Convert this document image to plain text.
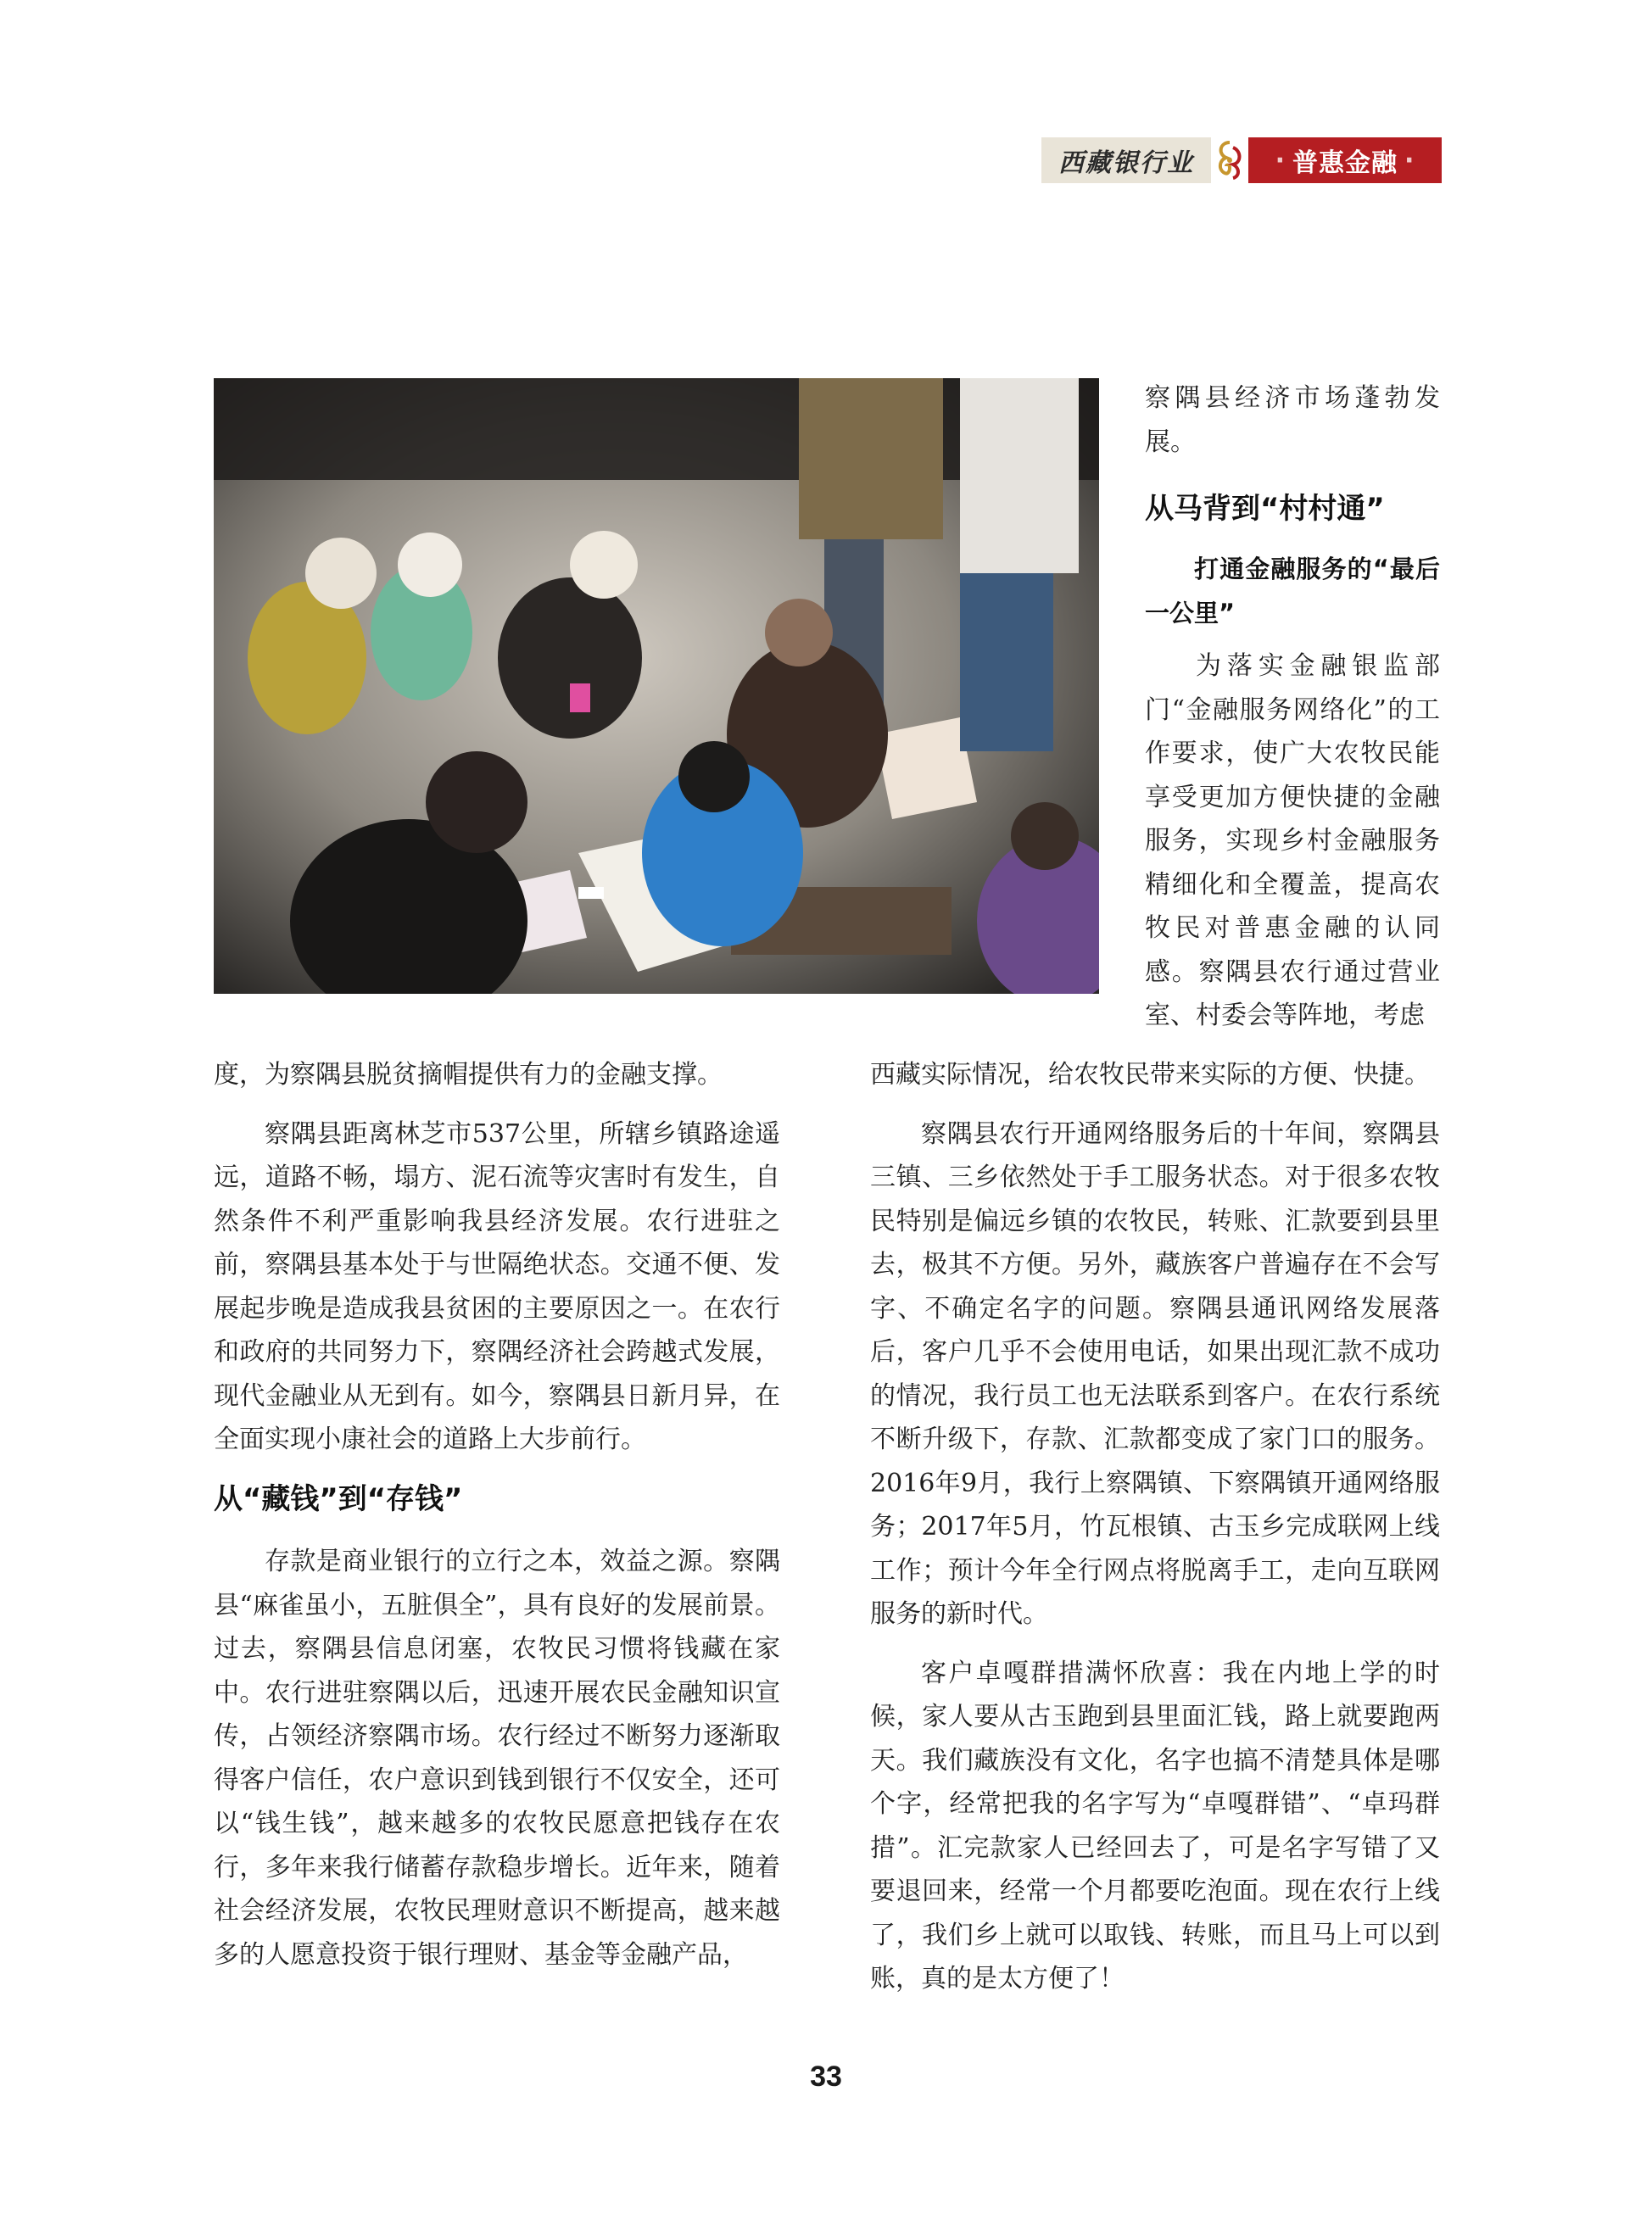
西藏银行业	· 普惠金融 ·

察隅县经济市场蓬勃发展。

从马背到“村村通”
打通金融服务的“最后一公里”

为落实金融银监部门“金融服务网络化”的工作要求，使广大农牧民能享受更加方便快捷的金融服务，实现乡村金融服务精细化和全覆盖，提高农牧民对普惠金融的认同感。察隅县农行通过营业室、村委会等阵地，考虑

度，为察隅县脱贫摘帽提供有力的金融支撑。

察隅县距离林芝市537公里，所辖乡镇路途遥远，道路不畅，塌方、泥石流等灾害时有发生，自然条件不利严重影响我县经济发展。农行进驻之前，察隅县基本处于与世隔绝状态。交通不便、发展起步晚是造成我县贫困的主要原因之一。在农行和政府的共同努力下，察隅经济社会跨越式发展，现代金融业从无到有。如今，察隅县日新月异，在全面实现小康社会的道路上大步前行。

从“藏钱”到“存钱”

存款是商业银行的立行之本，效益之源。察隅县“麻雀虽小，五脏俱全”，具有良好的发展前景。过去，察隅县信息闭塞，农牧民习惯将钱藏在家中。农行进驻察隅以后，迅速开展农民金融知识宣传，占领经济察隅市场。农行经过不断努力逐渐取得客户信任，农户意识到钱到银行不仅安全，还可以“钱生钱”，越来越多的农牧民愿意把钱存在农行，多年来我行储蓄存款稳步增长。近年来，随着社会经济发展，农牧民理财意识不断提高，越来越多的人愿意投资于银行理财、基金等金融产品，

西藏实际情况，给农牧民带来实际的方便、快捷。

察隅县农行开通网络服务后的十年间，察隅县三镇、三乡依然处于手工服务状态。对于很多农牧民特别是偏远乡镇的农牧民，转账、汇款要到县里去，极其不方便。另外，藏族客户普遍存在不会写字、不确定名字的问题。察隅县通讯网络发展落后，客户几乎不会使用电话，如果出现汇款不成功的情况，我行员工也无法联系到客户。在农行系统不断升级下，存款、汇款都变成了家门口的服务。2016年9月，我行上察隅镇、下察隅镇开通网络服务；2017年5月，竹瓦根镇、古玉乡完成联网上线工作；预计今年全行网点将脱离手工，走向互联网服务的新时代。

客户卓嘎群措满怀欣喜：我在内地上学的时候，家人要从古玉跑到县里面汇钱，路上就要跑两天。我们藏族没有文化，名字也搞不清楚具体是哪个字，经常把我的名字写为“卓嘎群错”、“卓玛群措”。汇完款家人已经回去了，可是名字写错了又要退回来，经常一个月都要吃泡面。现在农行上线了，我们乡上就可以取钱、转账，而且马上可以到账，真的是太方便了！

33
